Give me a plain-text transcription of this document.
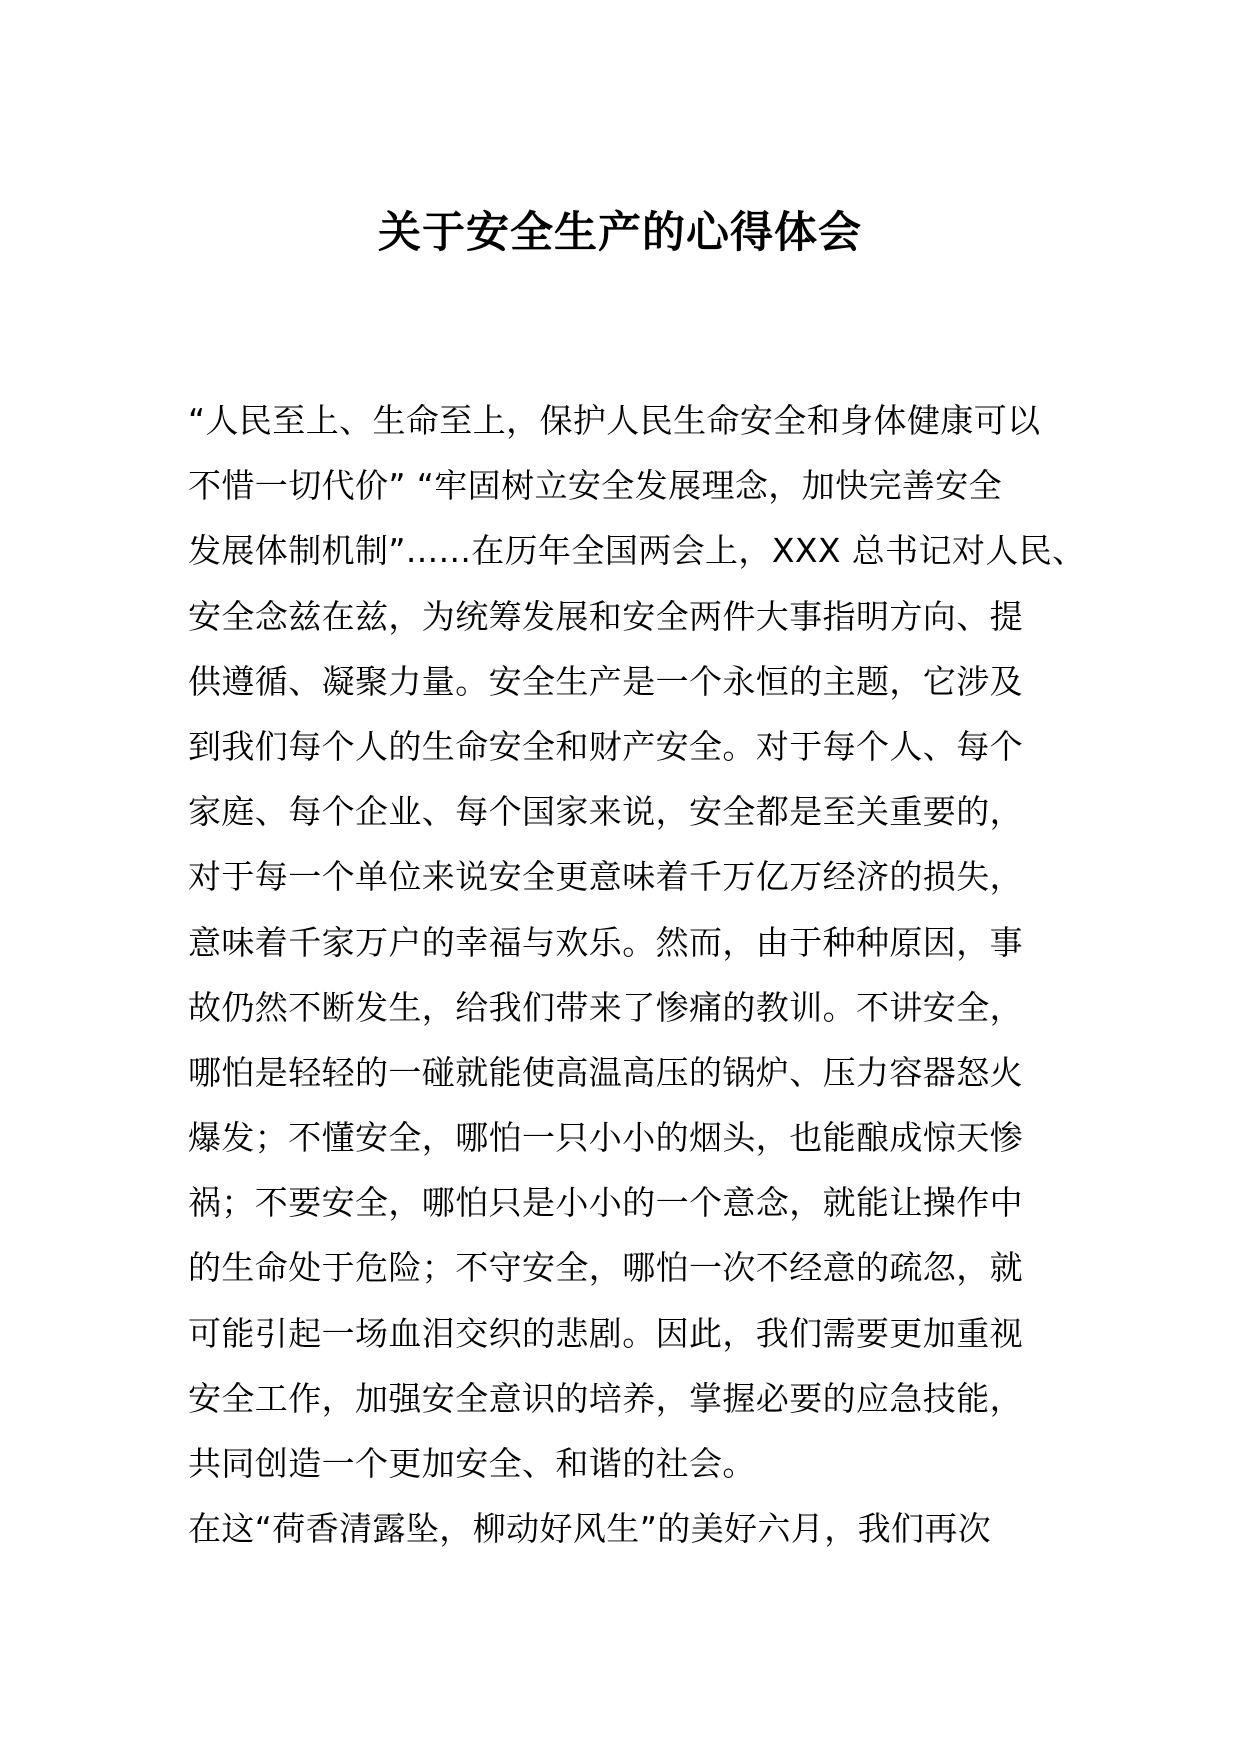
关于安全生产的心得体会
“人民至上、生命至上，保护人民生命安全和身体健康可以
不惜一切代价” “牢固树立安全发展理念，加快完善安全
发展体制机制”......在历年全国两会上，XXX 总书记对人民、
安全念兹在兹，为统筹发展和安全两件大事指明方向、提
供遵循、凝聚力量。安全生产是一个永恒的主题，它涉及
到我们每个人的生命安全和财产安全。对于每个人、每个
家庭、每个企业、每个国家来说，安全都是至关重要的，
对于每一个单位来说安全更意味着千万亿万经济的损失，
意味着千家万户的幸福与欢乐。然而，由于种种原因，事
故仍然不断发生，给我们带来了惨痛的教训。不讲安全，
哪怕是轻轻的一碰就能使高温高压的锅炉、压力容器怒火
爆发；不懂安全，哪怕一只小小的烟头，也能酿成惊天惨
祸；不要安全，哪怕只是小小的一个意念，就能让操作中
的生命处于危险；不守安全，哪怕一次不经意的疏忽，就
可能引起一场血泪交织的悲剧。因此，我们需要更加重视
安全工作，加强安全意识的培养，掌握必要的应急技能，
共同创造一个更加安全、和谐的社会。
在这“荷香清露坠，柳动好风生”的美好六月，我们再次
